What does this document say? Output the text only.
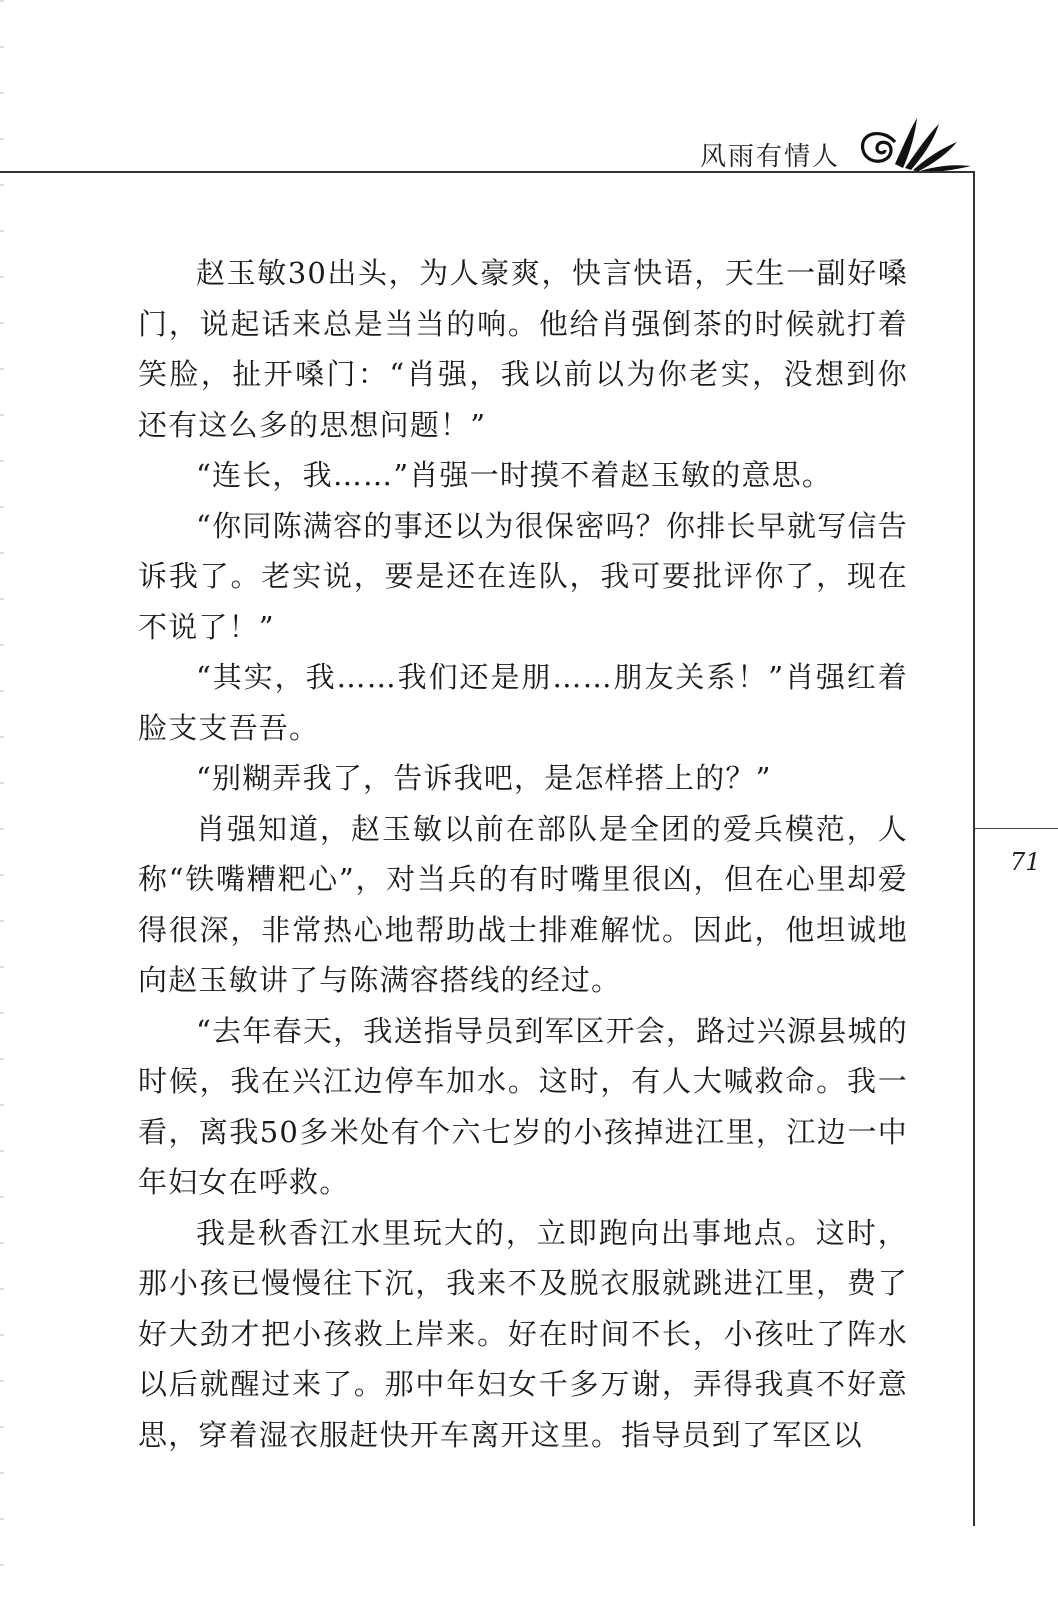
风雨有情人
71

赵玉敏30出头，为人豪爽，快言快语，天生一副好嗓门，说起话来总是当当的响。他给肖强倒茶的时候就打着笑脸，扯开嗓门：“肖强，我以前以为你老实，没想到你还有这么多的思想问题！”

“连长，我……”肖强一时摸不着赵玉敏的意思。

“你同陈满容的事还以为很保密吗？你排长早就写信告诉我了。老实说，要是还在连队，我可要批评你了，现在不说了！”

“其实，我……我们还是朋……朋友关系！”肖强红着脸支支吾吾。

“别糊弄我了，告诉我吧，是怎样搭上的？”

肖强知道，赵玉敏以前在部队是全团的爱兵模范，人称“铁嘴糟粑心”，对当兵的有时嘴里很凶，但在心里却爱得很深，非常热心地帮助战士排难解忧。因此，他坦诚地向赵玉敏讲了与陈满容搭线的经过。

“去年春天，我送指导员到军区开会，路过兴源县城的时候，我在兴江边停车加水。这时，有人大喊救命。我一看，离我50多米处有个六七岁的小孩掉进江里，江边一中年妇女在呼救。

我是秋香江水里玩大的，立即跑向出事地点。这时，那小孩已慢慢往下沉，我来不及脱衣服就跳进江里，费了好大劲才把小孩救上岸来。好在时间不长，小孩吐了阵水以后就醒过来了。那中年妇女千多万谢，弄得我真不好意思，穿着湿衣服赶快开车离开这里。指导员到了军区以
